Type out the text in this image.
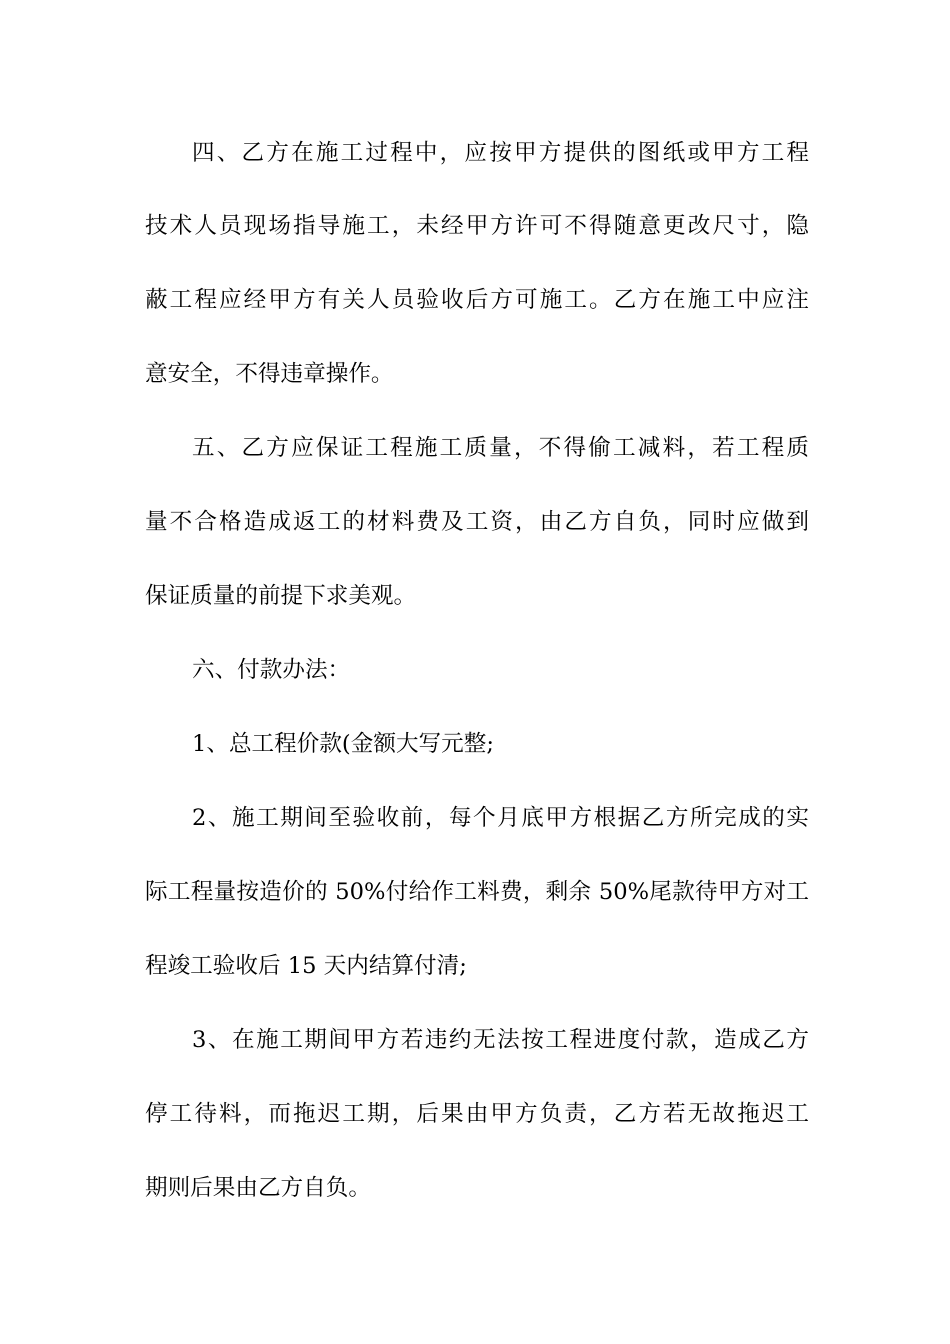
四、乙方在施工过程中，应按甲方提供的图纸或甲方工程
技术人员现场指导施工，未经甲方许可不得随意更改尺寸，隐
蔽工程应经甲方有关人员验收后方可施工。乙方在施工中应注
意安全，不得违章操作。
五、乙方应保证工程施工质量，不得偷工减料，若工程质
量不合格造成返工的材料费及工资，由乙方自负，同时应做到
保证质量的前提下求美观。
六、付款办法：
1、总工程价款(金额大写元整;
2、施工期间至验收前，每个月底甲方根据乙方所完成的实
际工程量按造价的 50%付给作工料费，剩余 50%尾款待甲方对工
程竣工验收后 15 天内结算付清;
3、在施工期间甲方若违约无法按工程进度付款，造成乙方
停工待料，而拖迟工期，后果由甲方负责，乙方若无故拖迟工
期则后果由乙方自负。
